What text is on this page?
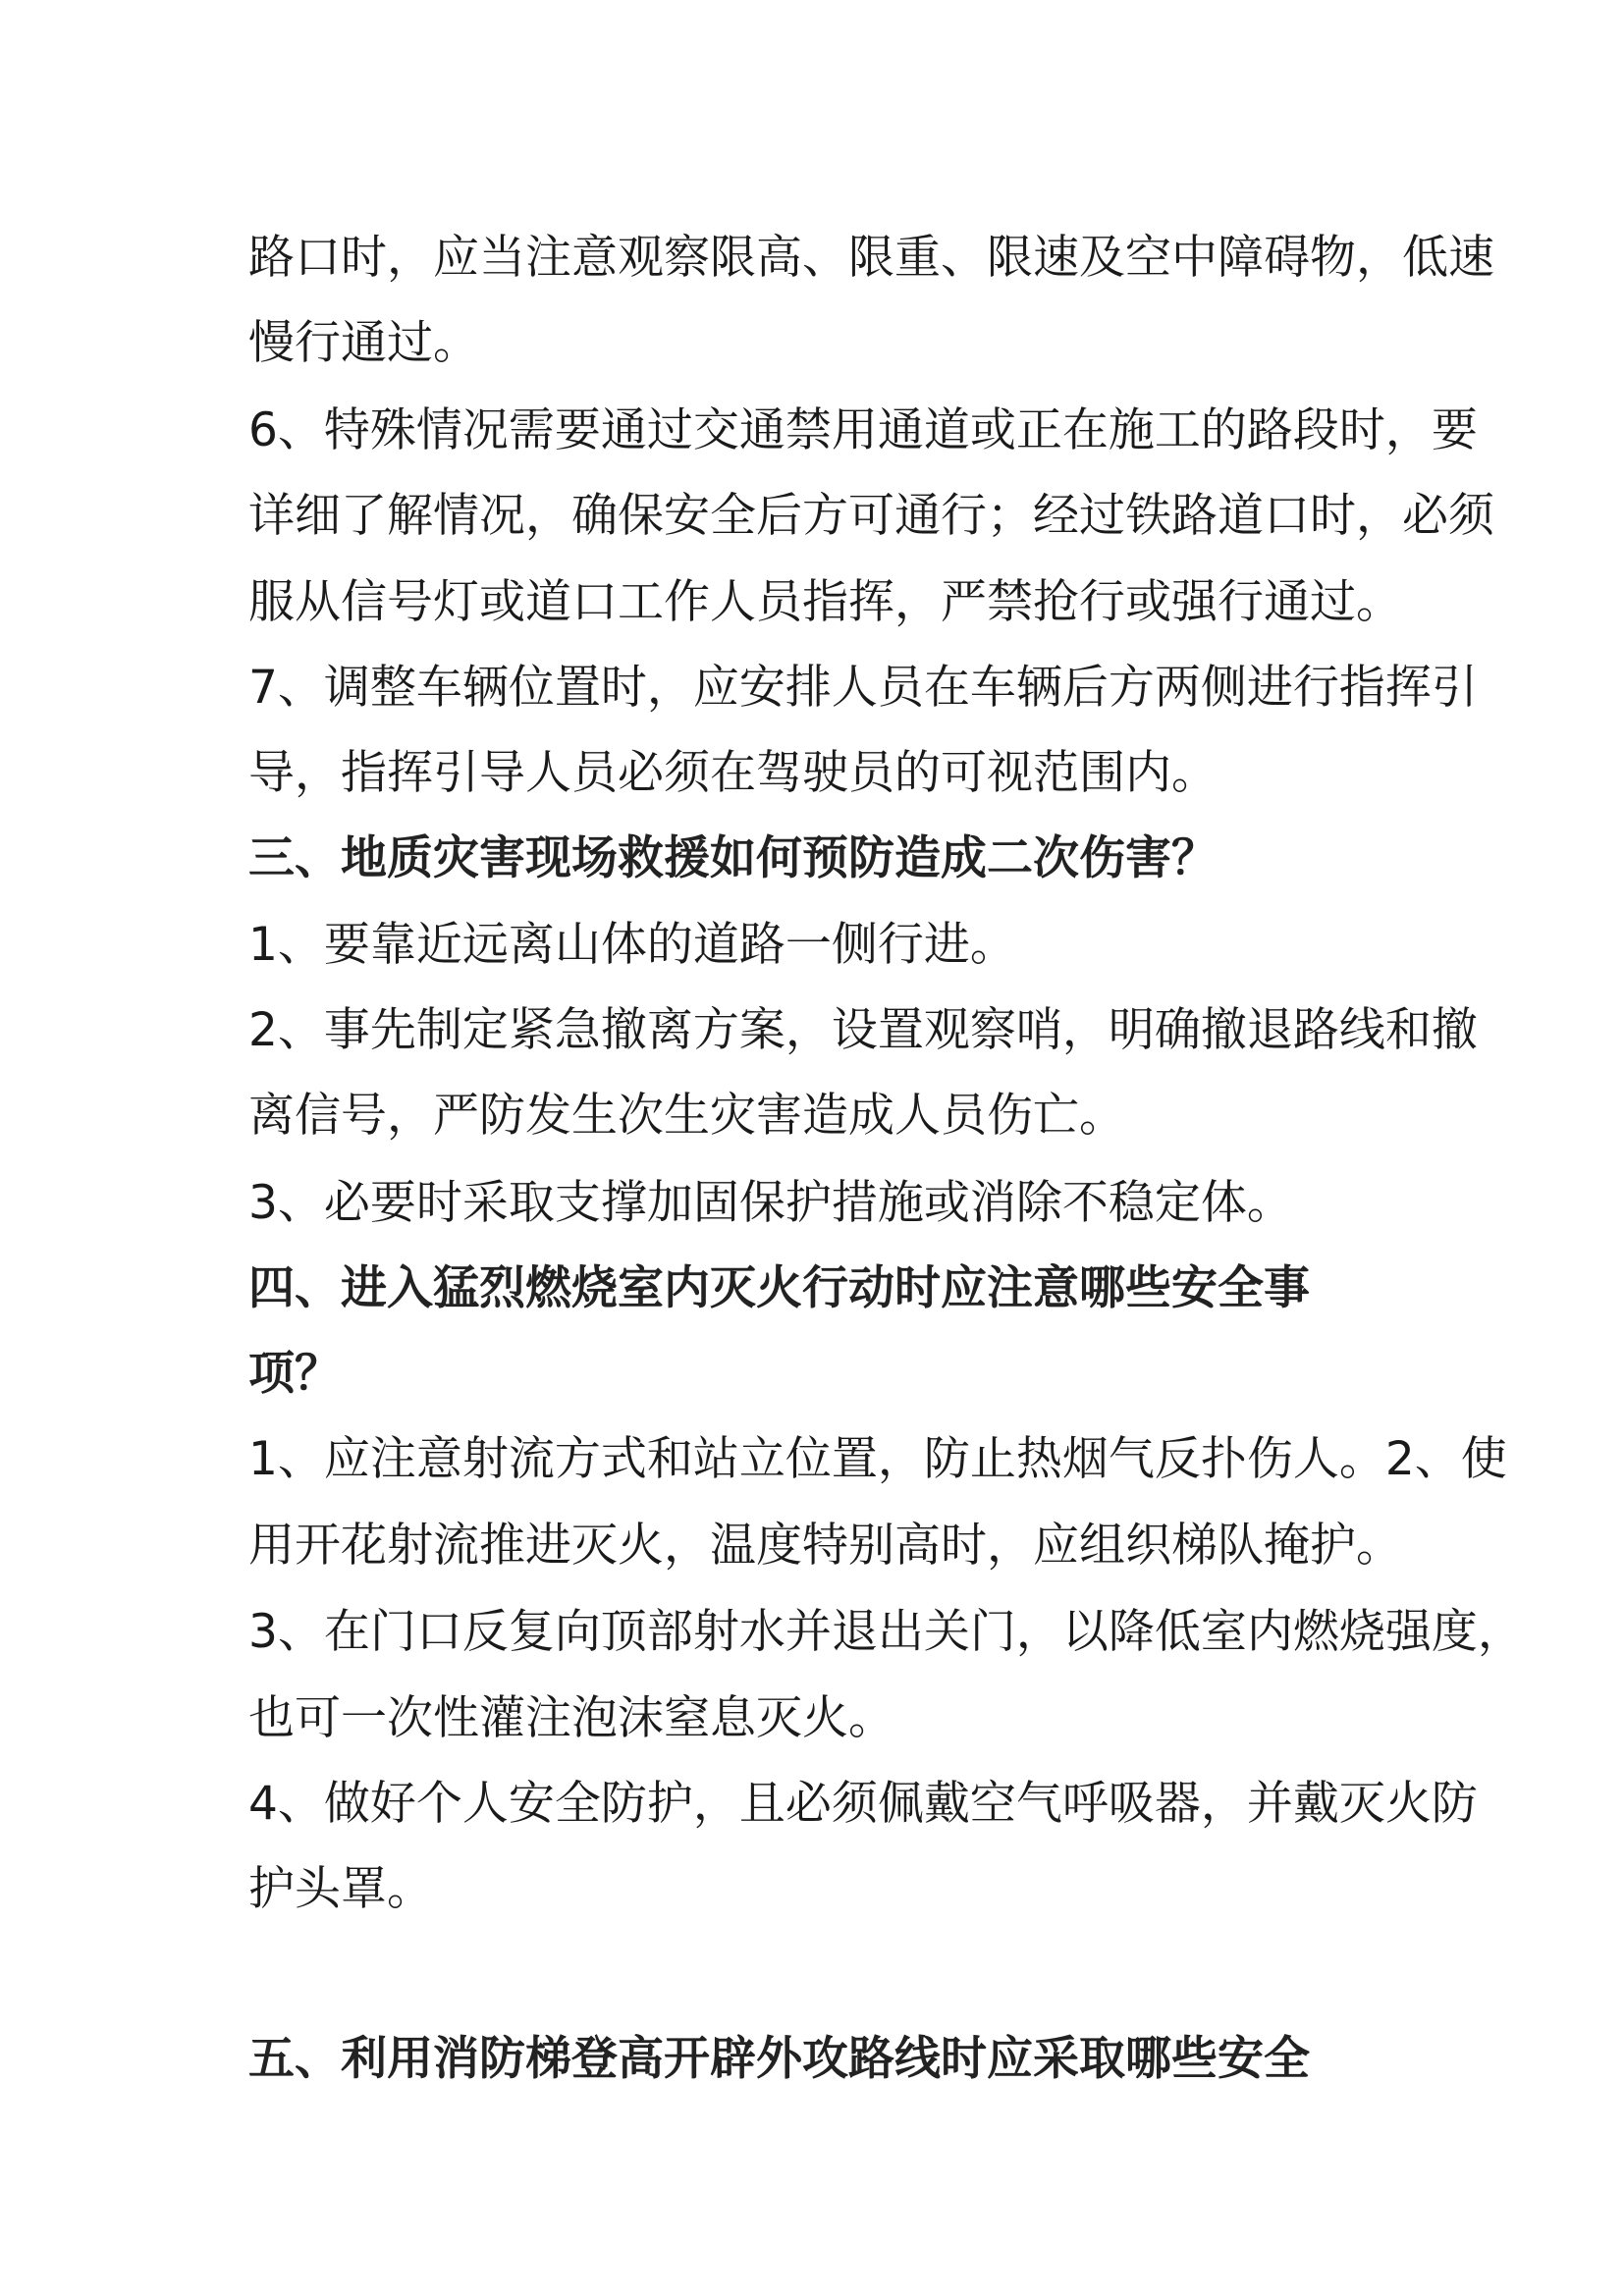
路口时，应当注意观察限高、限重、限速及空中障碍物，低速
慢行通过。
6、特殊情况需要通过交通禁用通道或正在施工的路段时，要
详细了解情况，确保安全后方可通行；经过铁路道口时，必须
服从信号灯或道口工作人员指挥，严禁抢行或强行通过。
7、调整车辆位置时，应安排人员在车辆后方两侧进行指挥引
导，指挥引导人员必须在驾驶员的可视范围内。
三、地质灾害现场救援如何预防造成二次伤害？
1、要靠近远离山体的道路一侧行进。
2、事先制定紧急撤离方案，设置观察哨，明确撤退路线和撤
离信号，严防发生次生灾害造成人员伤亡。
3、必要时采取支撑加固保护措施或消除不稳定体。
四、进入猛烈燃烧室内灭火行动时应注意哪些安全事
项？
1、应注意射流方式和站立位置，防止热烟气反扑伤人。2、使
用开花射流推进灭火，温度特别高时，应组织梯队掩护。
3、在门口反复向顶部射水并退出关门，以降低室内燃烧强度，
也可一次性灌注泡沫窒息灭火。
4、做好个人安全防护，且必须佩戴空气呼吸器，并戴灭火防
护头罩。
五、利用消防梯登高开辟外攻路线时应采取哪些安全
